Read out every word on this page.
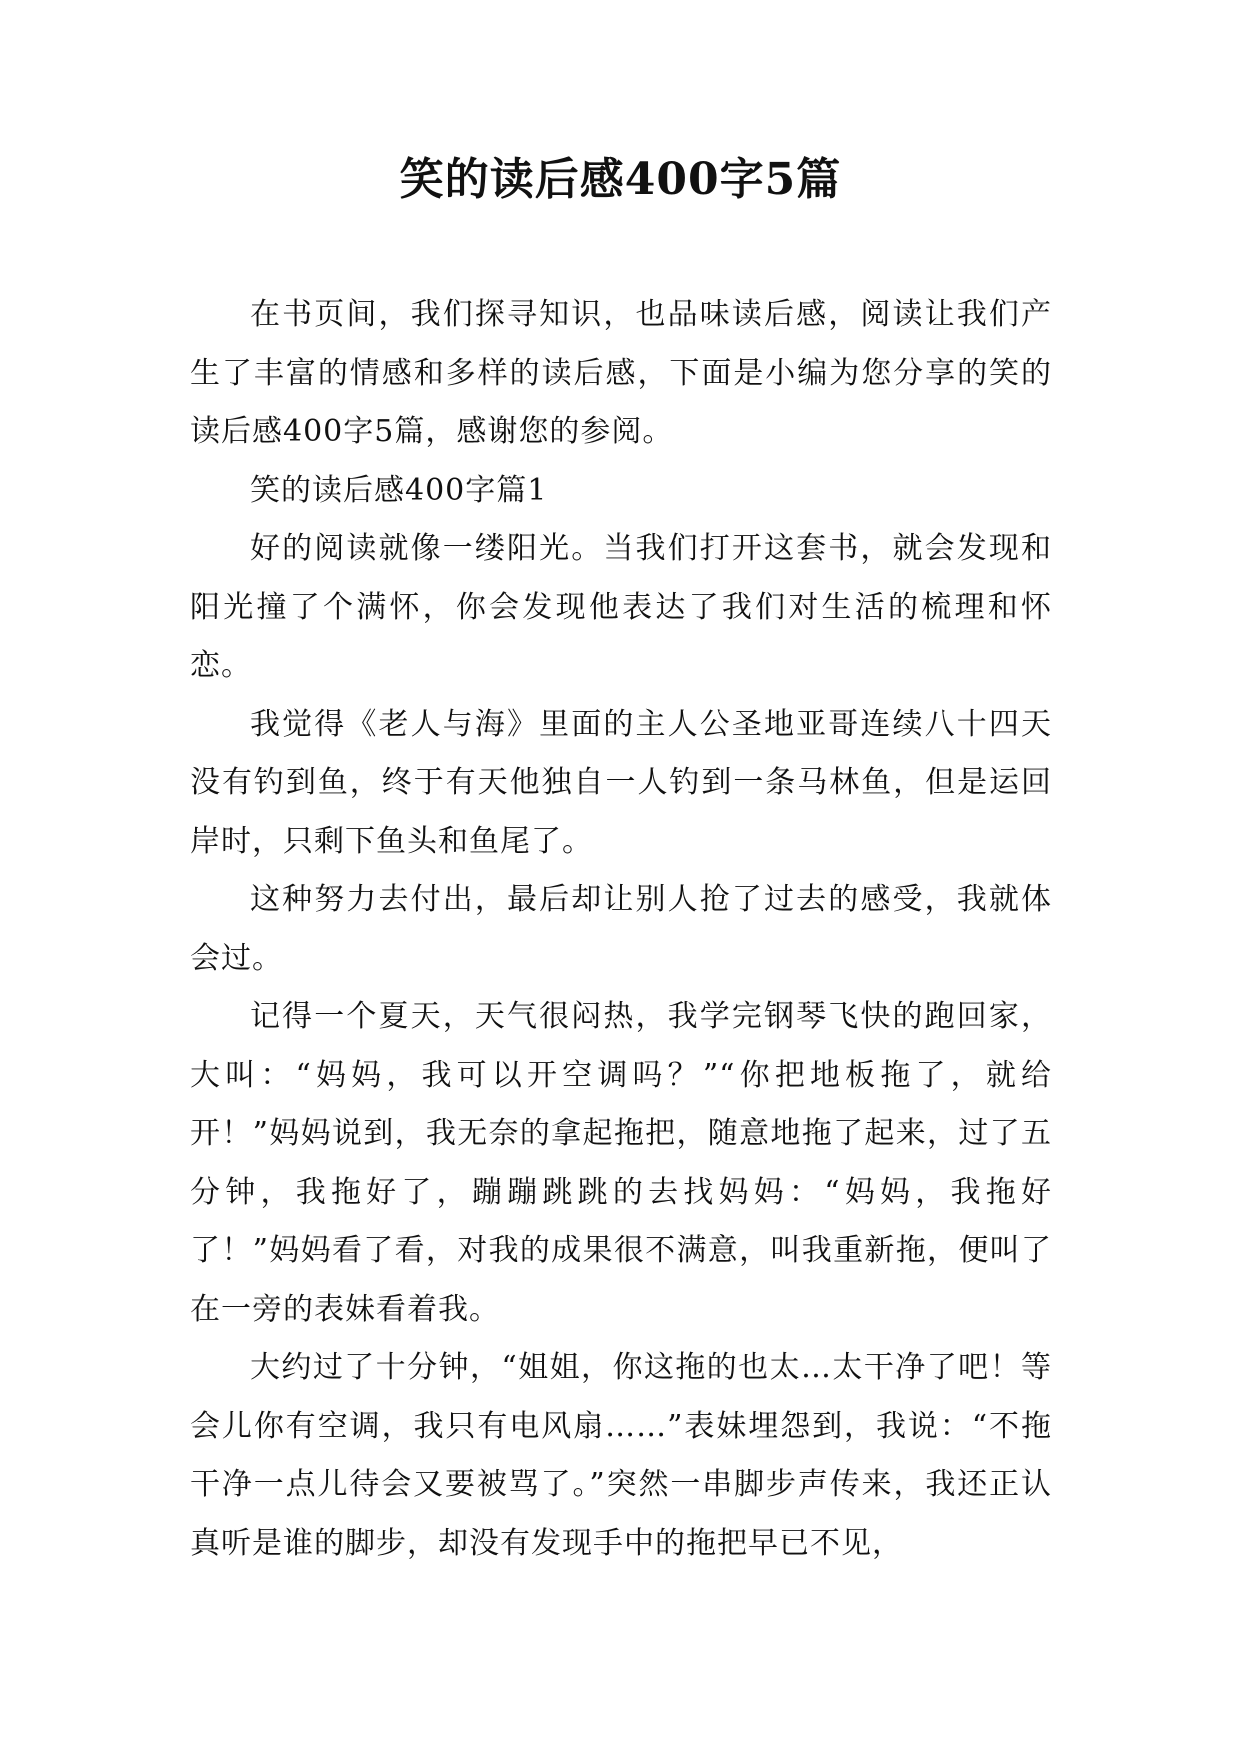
笑的读后感400字5篇

在书页间，我们探寻知识，也品味读后感，阅读让我们产生了丰富的情感和多样的读后感，下面是小编为您分享的笑的读后感400字5篇，感谢您的参阅。

笑的读后感400字篇1

好的阅读就像一缕阳光。当我们打开这套书，就会发现和阳光撞了个满怀，你会发现他表达了我们对生活的梳理和怀恋。

我觉得《老人与海》里面的主人公圣地亚哥连续八十四天没有钓到鱼，终于有天他独自一人钓到一条马林鱼，但是运回岸时，只剩下鱼头和鱼尾了。

这种努力去付出，最后却让别人抢了过去的感受，我就体会过。

记得一个夏天，天气很闷热，我学完钢琴飞快的跑回家，大叫：“妈妈，我可以开空调吗？”“你把地板拖了，就给开！”妈妈说到，我无奈的拿起拖把，随意地拖了起来，过了五分钟，我拖好了，蹦蹦跳跳的去找妈妈：“妈妈，我拖好了！”妈妈看了看，对我的成果很不满意，叫我重新拖，便叫了在一旁的表妹看着我。

大约过了十分钟，“姐姐，你这拖的也太…太干净了吧！等会儿你有空调，我只有电风扇……”表妹埋怨到，我说：“不拖干净一点儿待会又要被骂了。”突然一串脚步声传来，我还正认真听是谁的脚步，却没有发现手中的拖把早已不见，
